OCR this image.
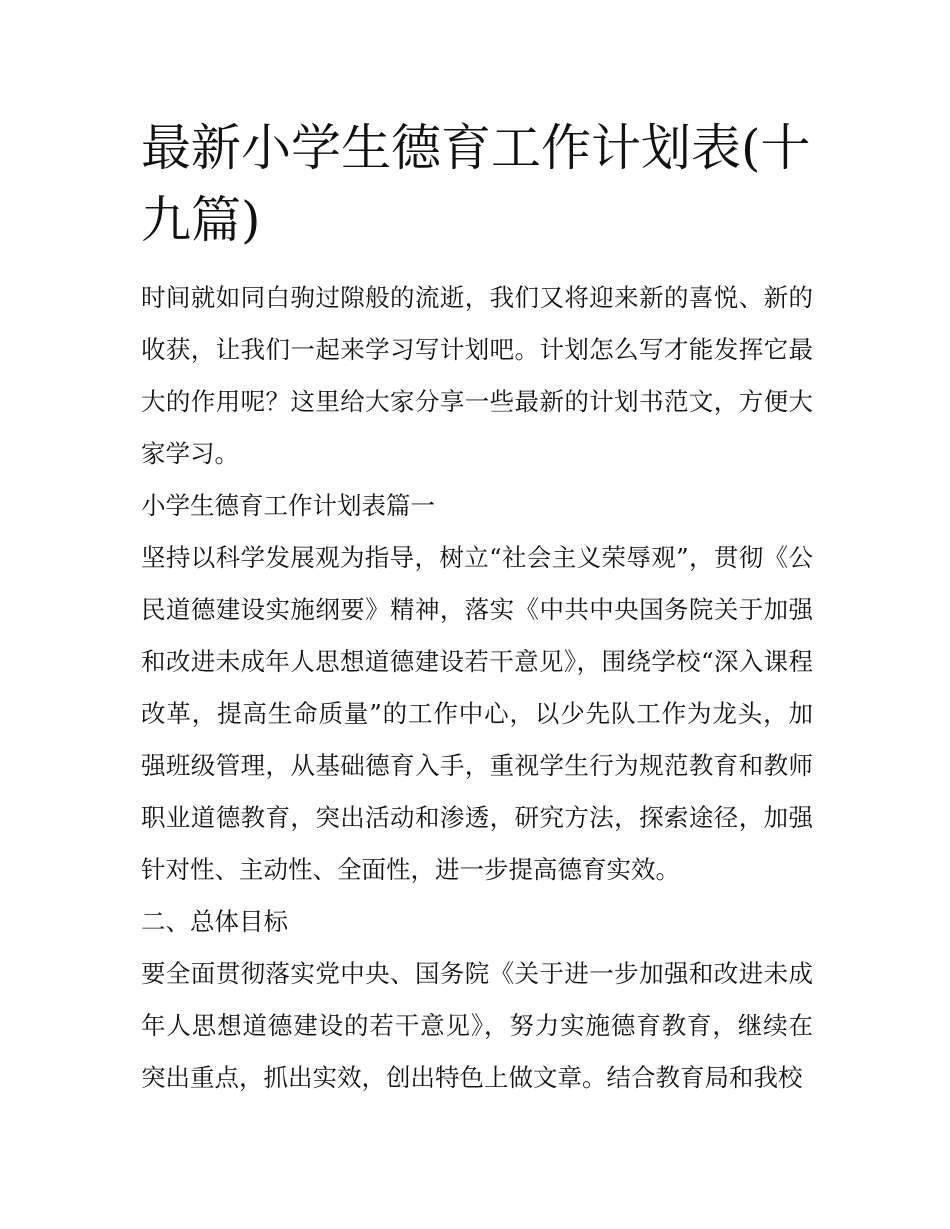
最新小学生德育工作计划表(十九篇)

时间就如同白驹过隙般的流逝，我们又将迎来新的喜悦、新的收获，让我们一起来学习写计划吧。计划怎么写才能发挥它最大的作用呢？这里给大家分享一些最新的计划书范文，方便大家学习。

小学生德育工作计划表篇一

坚持以科学发展观为指导，树立“社会主义荣辱观”，贯彻《公民道德建设实施纲要》精神，落实《中共中央国务院关于加强和改进未成年人思想道德建设若干意见》，围绕学校“深入课程改革，提高生命质量”的工作中心，以少先队工作为龙头，加强班级管理，从基础德育入手，重视学生行为规范教育和教师职业道德教育，突出活动和渗透，研究方法，探索途径，加强针对性、主动性、全面性，进一步提高德育实效。

二、总体目标

要全面贯彻落实党中央、国务院《关于进一步加强和改进未成年人思想道德建设的若干意见》，努力实施德育教育，继续在突出重点，抓出实效，创出特色上做文章。结合教育局和我校
